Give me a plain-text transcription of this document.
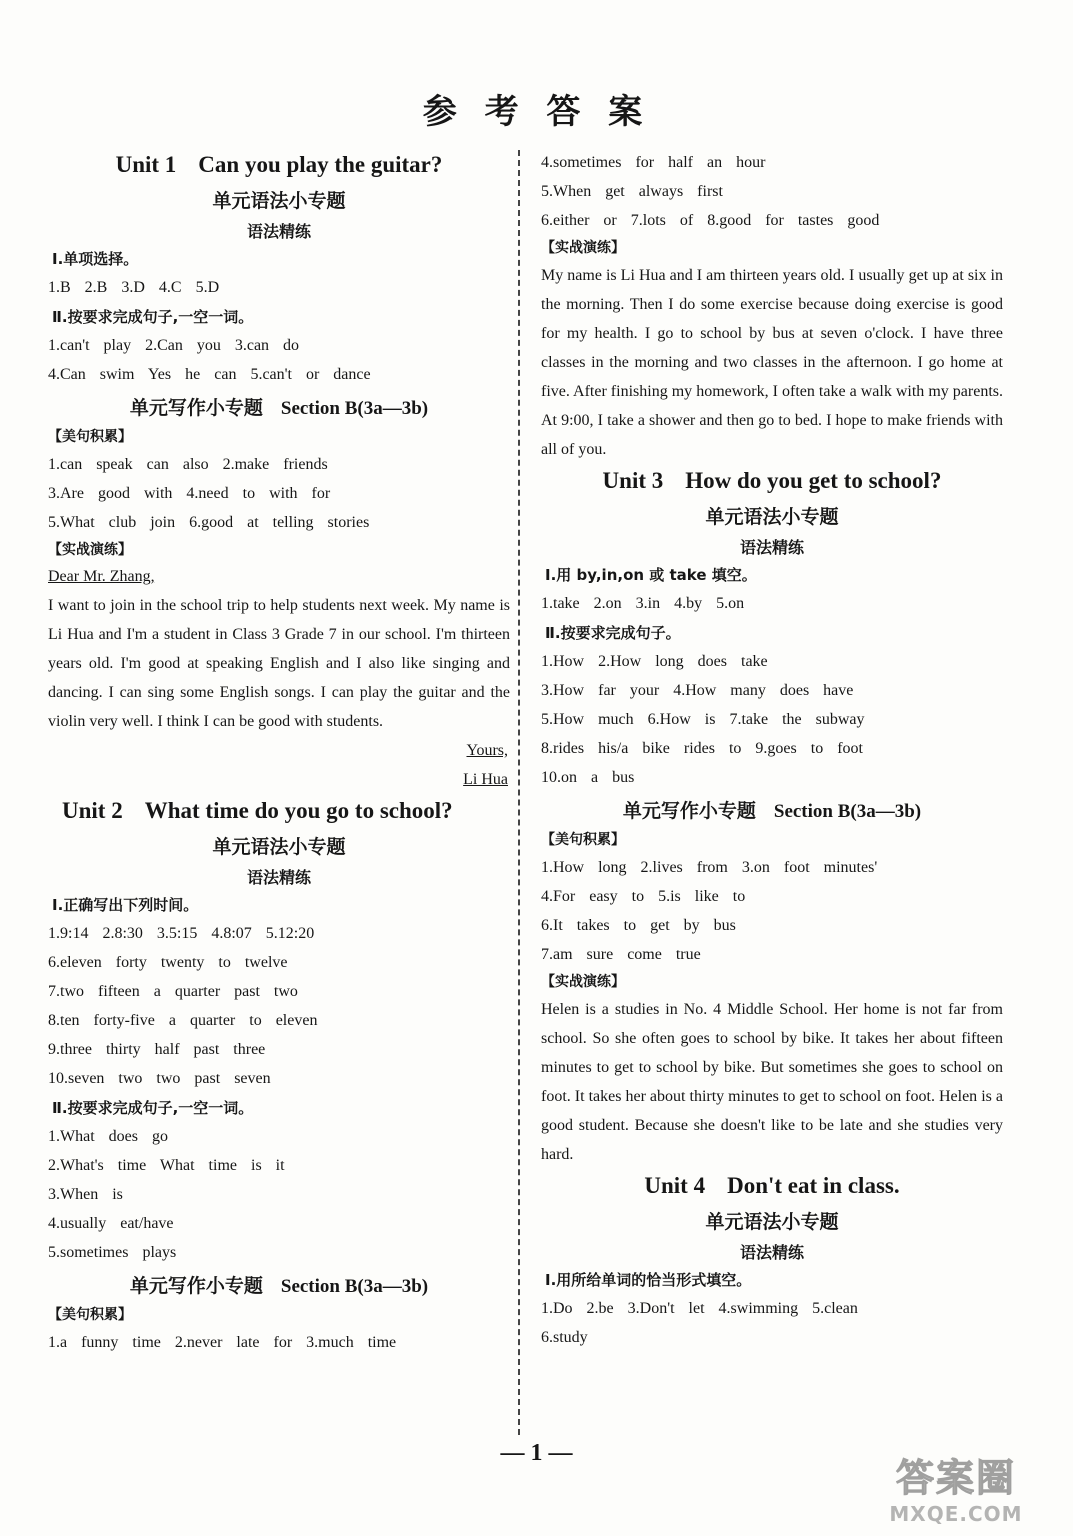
参 考 答 案
Unit 1 Can you play the guitar?
单元语法小专题
语法精练
Ⅰ.单项选择。
1.B 2.B 3.D 4.C 5.D
Ⅱ.按要求完成句子,一空一词。
1.can't play 2.Can you 3.can do
4.Can swim Yes he can 5.can't or dance
单元写作小专题 Section B(3a—3b)
【美句积累】
1.can speak can also 2.make friends
3.Are good with 4.need to with for
5.What club join 6.good at telling stories
【实战演练】
Dear Mr. Zhang,
I want to join in the school trip to help students next week. My name is Li Hua and I'm a student in Class 3 Grade 7 in our school. I'm thirteen years old. I'm good at speaking English and I also like singing and dancing. I can sing some English songs. I can play the guitar and the violin very well. I think I can be good with students.
Yours,
Li Hua
Unit 2 What time do you go to school?
单元语法小专题
语法精练
Ⅰ.正确写出下列时间。
1.9:14 2.8:30 3.5:15 4.8:07 5.12:20
6.eleven forty twenty to twelve
7.two fifteen a quarter past two
8.ten forty-five a quarter to eleven
9.three thirty half past three
10.seven two two past seven
Ⅱ.按要求完成句子,一空一词。
1.What does go
2.What's time What time is it
3.When is
4.usually eat/have
5.sometimes plays
单元写作小专题 Section B(3a—3b)
【美句积累】
1.a funny time 2.never late for 3.much time
4.sometimes for half an hour
5.When get always first
6.either or 7.lots of 8.good for tastes good
【实战演练】
My name is Li Hua and I am thirteen years old. I usually get up at six in the morning. Then I do some exercise because doing exercise is good for my health. I go to school by bus at seven o'clock. I have three classes in the morning and two classes in the afternoon. I go home at five. After finishing my homework, I often take a walk with my parents. At 9:00, I take a shower and then go to bed. I hope to make friends with all of you.
Unit 3 How do you get to school?
单元语法小专题
语法精练
Ⅰ.用 by,in,on 或 take 填空。
1.take 2.on 3.in 4.by 5.on
Ⅱ.按要求完成句子。
1.How 2.How long does take
3.How far your 4.How many does have
5.How much 6.How is 7.take the subway
8.rides his/a bike rides to 9.goes to foot
10.on a bus
单元写作小专题 Section B(3a—3b)
【美句积累】
1.How long 2.lives from 3.on foot minutes'
4.For easy to 5.is like to
6.It takes to get by bus
7.am sure come true
【实战演练】
Helen is a studies in No. 4 Middle School. Her home is not far from school. So she often goes to school by bike. It takes her about fifteen minutes to get to school by bike. But sometimes she goes to school on foot. It takes her about thirty minutes to get to school on foot. Helen is a good student. Because she doesn't like to be late and she studies very hard.
Unit 4 Don't eat in class.
单元语法小专题
语法精练
Ⅰ.用所给单词的恰当形式填空。
1.Do 2.be 3.Don't let 4.swimming 5.clean
6.study
— 1 —
答案圈
MXQE.COM
